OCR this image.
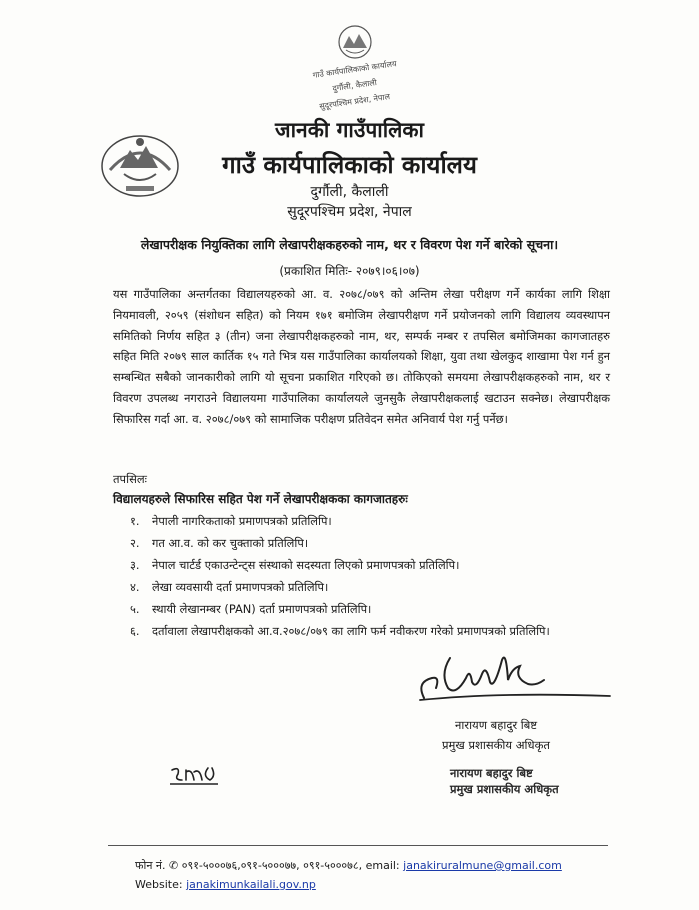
गाउँ कार्यपालिकाको कार्यालय
दुर्गौली, कैलाली
सुदूरपश्चिम प्रदेश, नेपाल
जानकी गाउँपालिका
गाउँ कार्यपालिकाको कार्यालय
दुर्गौली, कैलाली
सुदूरपश्चिम प्रदेश, नेपाल
लेखापरीक्षक नियुक्तिका लागि लेखापरीक्षकहरुको नाम, थर र विवरण पेश गर्ने बारेको सूचना।
(प्रकाशित मितिः- २०७९।०६।०७)
यस गाउँपालिका अन्तर्गतका विद्यालयहरुको आ. व. २०७८/०७९ को अन्तिम लेखा परीक्षण गर्ने कार्यका लागि शिक्षा नियमावली, २०५९ (संशोधन सहित) को नियम १७१ बमोजिम लेखापरीक्षण गर्ने प्रयोजनको लागि विद्यालय व्यवस्थापन समितिको निर्णय सहित ३ (तीन) जना लेखापरीक्षकहरुको नाम, थर, सम्पर्क नम्बर र तपसिल बमोजिमका कागजातहरु सहित मिति २०७९ साल कार्तिक १५ गते भित्र यस गाउँपालिका कार्यालयको शिक्षा, युवा तथा खेलकुद शाखामा पेश गर्न हुन सम्बन्धित सबैको जानकारीको लागि यो सूचना प्रकाशित गरिएको छ। तोकिएको समयमा लेखापरीक्षकहरुको नाम, थर र विवरण उपलब्ध नगराउने विद्यालयमा गाउँपालिका कार्यालयले जुनसुकै लेखापरीक्षकलाई खटाउन सक्नेछ। लेखापरीक्षक सिफारिस गर्दा आ. व. २०७८/०७९ को सामाजिक परीक्षण प्रतिवेदन समेत अनिवार्य पेश गर्नु पर्नेछ।
तपसिलः
विद्यालयहरुले सिफारिस सहित पेश गर्ने लेखापरीक्षकका कागजातहरुः
१. नेपाली नागरिकताको प्रमाणपत्रको प्रतिलिपि।
२. गत आ.व. को कर चुक्ताको प्रतिलिपि।
३. नेपाल चार्टर्ड एकाउन्टेन्ट्स संस्थाको सदस्यता लिएको प्रमाणपत्रको प्रतिलिपि।
४. लेखा व्यवसायी दर्ता प्रमाणपत्रको प्रतिलिपि।
५. स्थायी लेखानम्बर (PAN) दर्ता प्रमाणपत्रको प्रतिलिपि।
६. दर्तावाला लेखापरीक्षकको आ.व.२०७८/०७९ का लागि फर्म नवीकरण गरेको प्रमाणपत्रको प्रतिलिपि।
नारायण बहादुर बिष्ट
प्रमुख प्रशासकीय अधिकृत
नारायण बहादुर बिष्ट
प्रमुख प्रशासकीय अधिकृत
फोन नं. ✆ ०९१-५०००७६,०९१-५०००७७, ०९१-५०००७८, email: janakiruralmune@gmail.com
Website: janakimunkailali.gov.np
